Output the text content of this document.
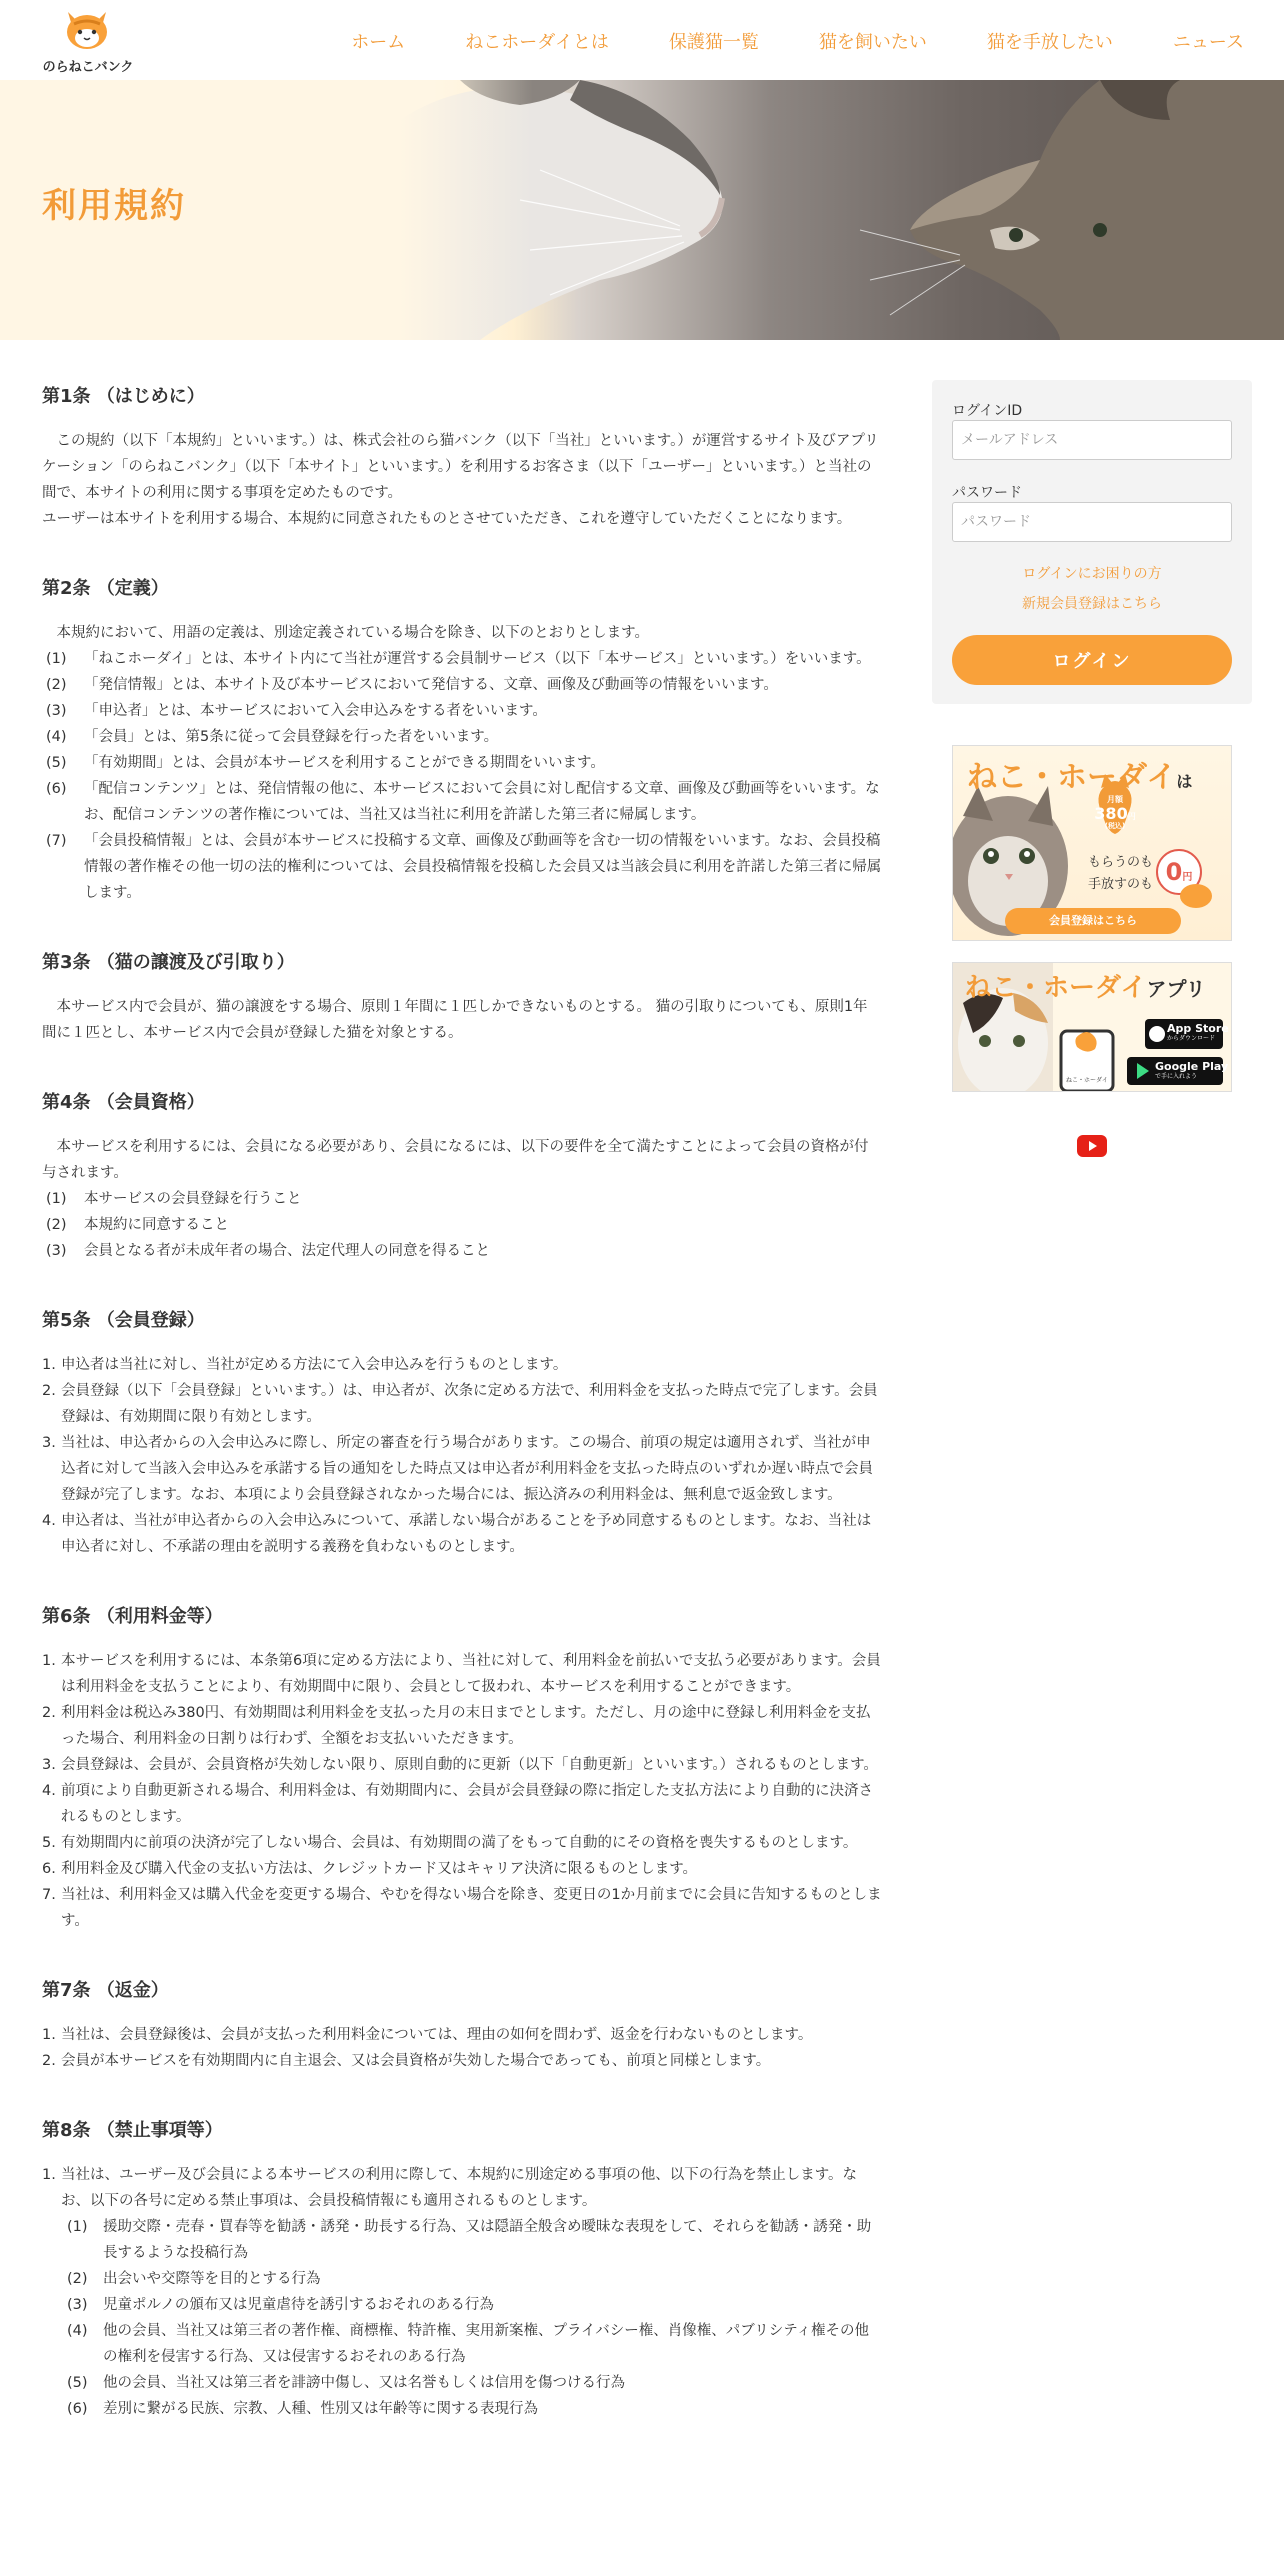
のらねこバンク
ホーム	ねこホーダイとは	保護猫一覧	猫を飼いたい	猫を手放したい	ニュース
利用規約
第1条 （はじめに）

この規約（以下「本規約」といいます。）は、株式会社のら猫バンク（以下「当社」といいます。）が運営するサイト及びアプリケーション「のらねこバンク」（以下「本サイト」といいます。）を利用するお客さま（以下「ユーザー」といいます。）と当社の間で、本サイトの利用に関する事項を定めたものです。

ユーザーは本サイトを利用する場合、本規約に同意されたものとさせていただき、これを遵守していただくことになります。

第2条 （定義）

本規約において、用語の定義は、別途定義されている場合を除き、以下のとおりとします。

(1) 「ねこホーダイ」とは、本サイト内にて当社が運営する会員制サービス（以下「本サービス」といいます。）をいいます。
(2) 「発信情報」とは、本サイト及び本サービスにおいて発信する、文章、画像及び動画等の情報をいいます。
(3) 「申込者」とは、本サービスにおいて入会申込みをする者をいいます。
(4) 「会員」とは、第5条に従って会員登録を行った者をいいます。
(5) 「有効期間」とは、会員が本サービスを利用することができる期間をいいます。
(6) 「配信コンテンツ」とは、発信情報の他に、本サービスにおいて会員に対し配信する文章、画像及び動画等をいいます。なお、配信コンテンツの著作権については、当社又は当社に利用を許諾した第三者に帰属します。
(7) 「会員投稿情報」とは、会員が本サービスに投稿する文章、画像及び動画等を含む一切の情報をいいます。なお、会員投稿情報の著作権その他一切の法的権利については、会員投稿情報を投稿した会員又は当該会員に利用を許諾した第三者に帰属します。
第3条 （猫の譲渡及び引取り）

本サービス内で会員が、猫の譲渡をする場合、原則１年間に１匹しかできないものとする。 猫の引取りについても、原則1年間に１匹とし、本サービス内で会員が登録した猫を対象とする。

第4条 （会員資格）

本サービスを利用するには、会員になる必要があり、会員になるには、以下の要件を全て満たすことによって会員の資格が付与されます。

(1) 本サービスの会員登録を行うこと
(2) 本規約に同意すること
(3) 会員となる者が未成年者の場合、法定代理人の同意を得ること
第5条 （会員登録）
1. 申込者は当社に対し、当社が定める方法にて入会申込みを行うものとします。
2. 会員登録（以下「会員登録」といいます。）は、申込者が、次条に定める方法で、利用料金を支払った時点で完了します。会員登録は、有効期間に限り有効とします。
3. 当社は、申込者からの入会申込みに際し、所定の審査を行う場合があります。この場合、前項の規定は適用されず、当社が申込者に対して当該入会申込みを承諾する旨の通知をした時点又は申込者が利用料金を支払った時点のいずれか遅い時点で会員登録が完了します。なお、本項により会員登録されなかった場合には、振込済みの利用料金は、無利息で返金致します。
4. 申込者は、当社が申込者からの入会申込みについて、承諾しない場合があることを予め同意するものとします。なお、当社は申込者に対し、不承諾の理由を説明する義務を負わないものとします。
第6条 （利用料金等）
1. 本サービスを利用するには、本条第6項に定める方法により、当社に対して、利用料金を前払いで支払う必要があります。会員は利用料金を支払うことにより、有効期間中に限り、会員として扱われ、本サービスを利用することができます。
2. 利用料金は税込み380円、有効期間は利用料金を支払った月の末日までとします。ただし、月の途中に登録し利用料金を支払った場合、利用料金の日割りは行わず、全額をお支払いいただきます。
3. 会員登録は、会員が、会員資格が失効しない限り、原則自動的に更新（以下「自動更新」といいます。）されるものとします。
4. 前項により自動更新される場合、利用料金は、有効期間内に、会員が会員登録の際に指定した支払方法により自動的に決済されるものとします。
5. 有効期間内に前項の決済が完了しない場合、会員は、有効期間の満了をもって自動的にその資格を喪失するものとします。
6. 利用料金及び購入代金の支払い方法は、クレジットカード又はキャリア決済に限るものとします。
7. 当社は、利用料金又は購入代金を変更する場合、やむを得ない場合を除き、変更日の1か月前までに会員に告知するものとします。
第7条 （返金）
1. 当社は、会員登録後は、会員が支払った利用料金については、理由の如何を問わず、返金を行わないものとします。
2. 会員が本サービスを有効期間内に自主退会、又は会員資格が失効した場合であっても、前項と同様とします。
第8条 （禁止事項等）
1. 当社は、ユーザー及び会員による本サービスの利用に際して、本規約に別途定める事項の他、以下の行為を禁止します。なお、以下の各号に定める禁止事項は、会員投稿情報にも適用されるものとします。
(1) 援助交際・売春・買春等を勧誘・誘発・助長する行為、又は隠語全般含め曖昧な表現をして、それらを勧誘・誘発・助長するような投稿行為
(2) 出会いや交際等を目的とする行為
(3) 児童ポルノの頒布又は児童虐待を誘引するおそれのある行為
(4) 他の会員、当社又は第三者の著作権、商標権、特許権、実用新案権、プライバシー権、肖像権、パブリシティ権その他の権利を侵害する行為、又は侵害するおそれのある行為
(5) 他の会員、当社又は第三者を誹謗中傷し、又は名誉もしくは信用を傷つける行為
(6) 差別に繋がる民族、宗教、人種、性別又は年齢等に関する表現行為
ログインID
メールアドレス
パスワード
ログインにお困りの方
新規会員登録はこちら
ログイン
ねこ・ホーダイは
月額
380円
(税込)
もらうのも
手放すのも 0円
会員登録はこちら
ねこ・ホーダイアプリ
ねこ・ホーダイ
App Store
からダウンロード
Google Play
で手に入れよう
